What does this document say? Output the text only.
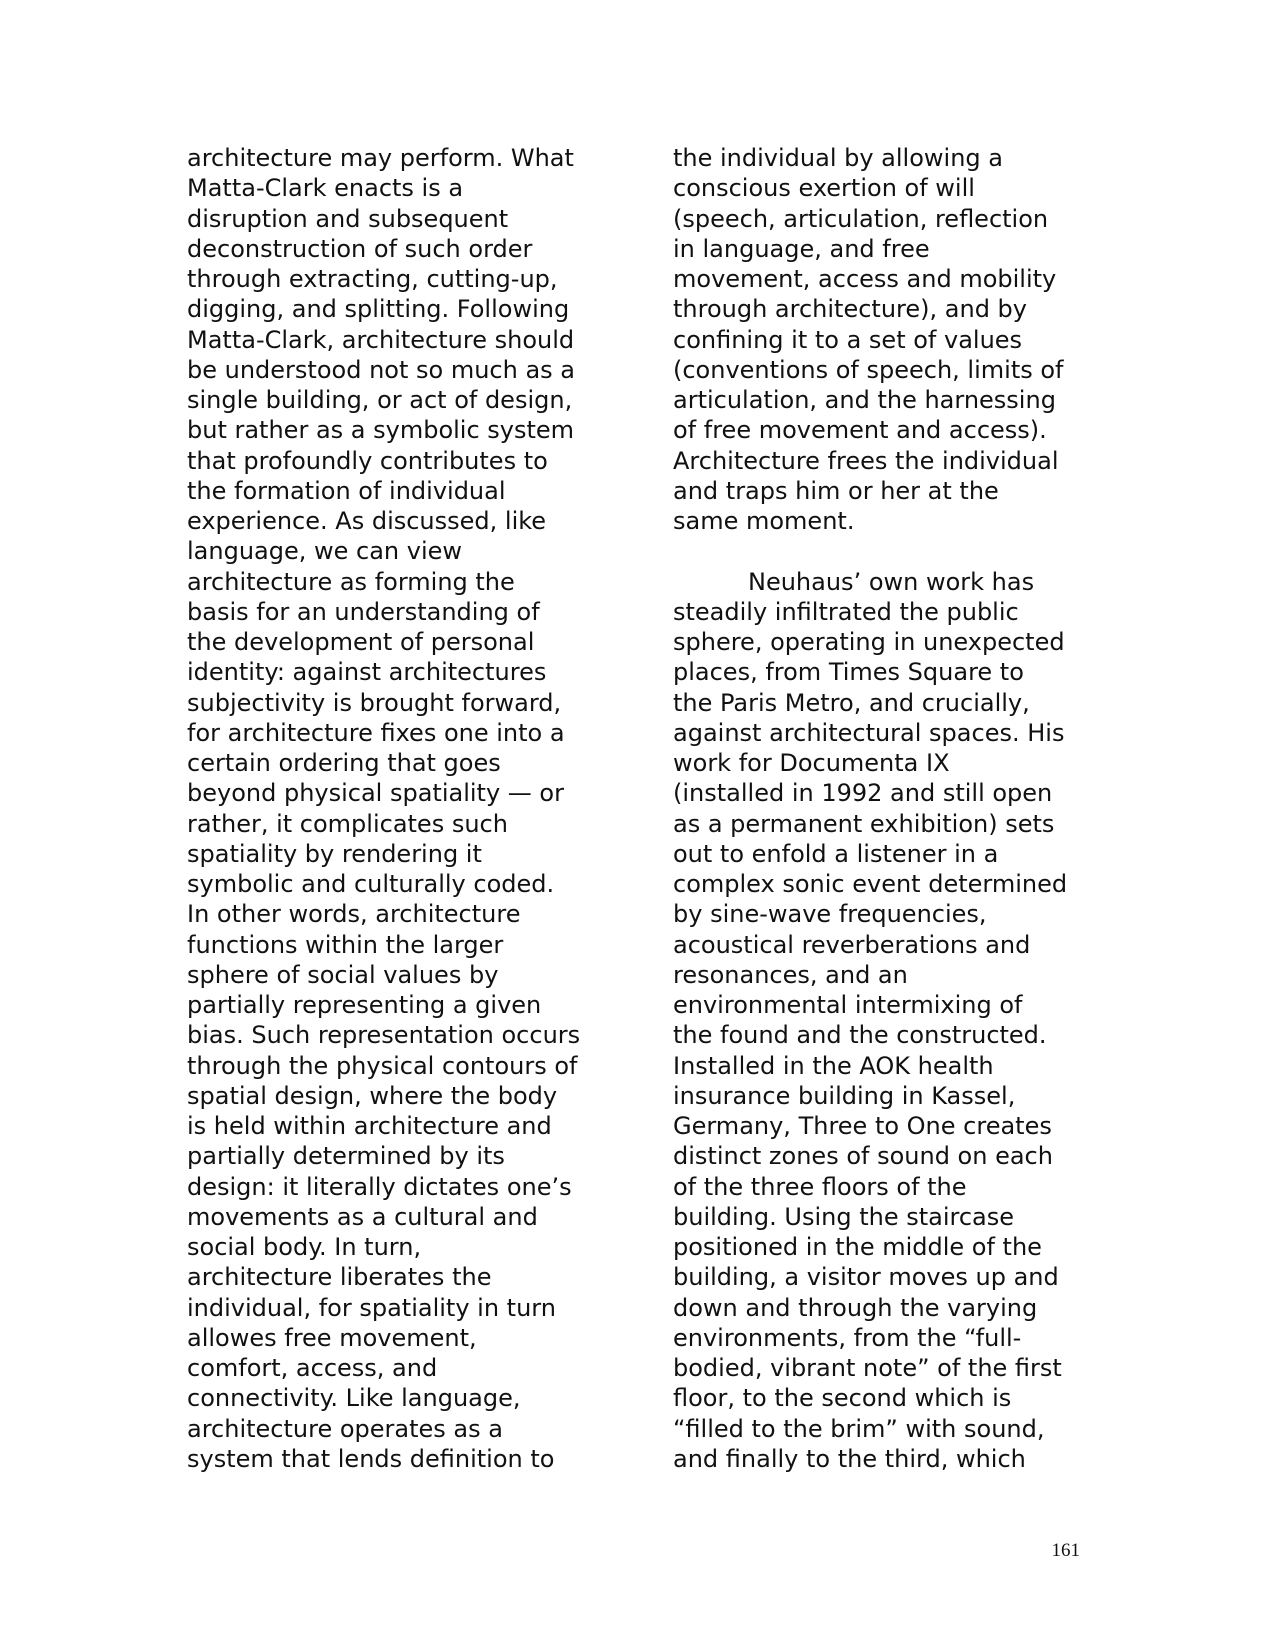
architecture may perform. What
Matta-Clark enacts is a
disruption and subsequent
deconstruction of such order
through extracting, cutting-up,
digging, and splitting. Following
Matta-Clark, architecture should
be understood not so much as a
single building, or act of design,
but rather as a symbolic system
that profoundly contributes to
the formation of individual
experience. As discussed, like
language, we can view
architecture as forming the
basis for an understanding of
the development of personal
identity: against architectures
subjectivity is brought forward,
for architecture fixes one into a
certain ordering that goes
beyond physical spatiality — or
rather, it complicates such
spatiality by rendering it
symbolic and culturally coded.
In other words, architecture
functions within the larger
sphere of social values by
partially representing a given
bias. Such representation occurs
through the physical contours of
spatial design, where the body
is held within architecture and
partially determined by its
design: it literally dictates one’s
movements as a cultural and
social body. In turn,
architecture liberates the
individual, for spatiality in turn
allowes free movement,
comfort, access, and
connectivity. Like language,
architecture operates as a
system that lends definition to
the individual by allowing a
conscious exertion of will
(speech, articulation, reflection
in language, and free
movement, access and mobility
through architecture), and by
confining it to a set of values
(conventions of speech, limits of
articulation, and the harnessing
of free movement and access).
Architecture frees the individual
and traps him or her at the
same moment.
Neuhaus’ own work has
steadily infiltrated the public
sphere, operating in unexpected
places, from Times Square to
the Paris Metro, and crucially,
against architectural spaces. His
work for Documenta IX
(installed in 1992 and still open
as a permanent exhibition) sets
out to enfold a listener in a
complex sonic event determined
by sine-wave frequencies,
acoustical reverberations and
resonances, and an
environmental intermixing of
the found and the constructed.
Installed in the AOK health
insurance building in Kassel,
Germany, Three to One creates
distinct zones of sound on each
of the three floors of the
building. Using the staircase
positioned in the middle of the
building, a visitor moves up and
down and through the varying
environments, from the “full-
bodied, vibrant note” of the first
floor, to the second which is
“filled to the brim” with sound,
and finally to the third, which
161
